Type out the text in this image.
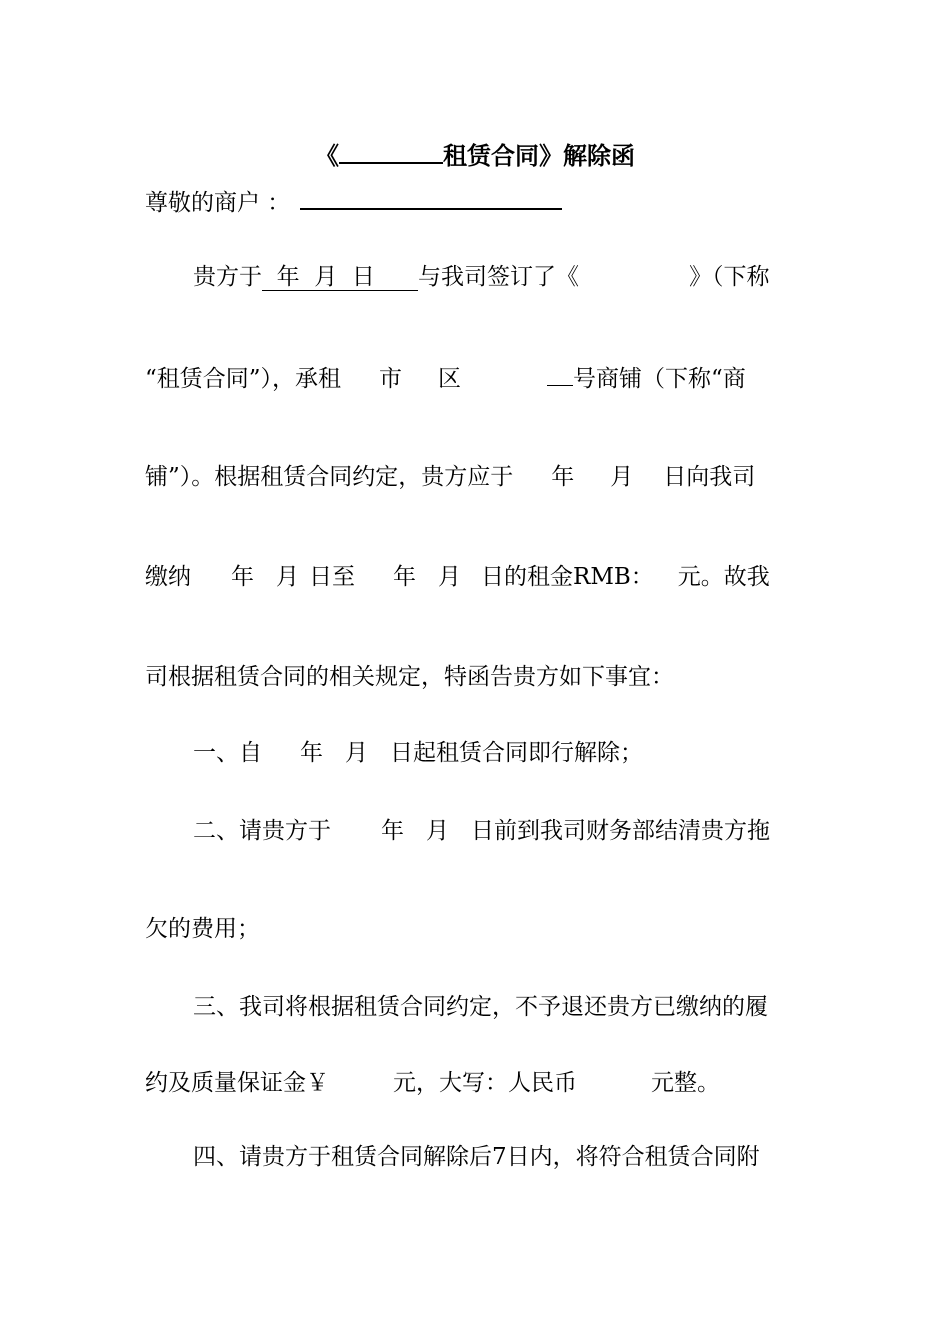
《	租赁合同》解除函
尊敬的商户 ：
贵方于  年  月  日 与我司签订了《	》（下称
“租赁合同”），承租 市 区	号商铺（下称“商
铺”）。根据租赁合同约定，贵方应于 年 月 日向我司
缴纳 年 月 日至 年 月 日的租金RMB： 元。故我
司根据租赁合同的相关规定，特函告贵方如下事宜：
一、自 年 月 日起租赁合同即行解除；
二、请贵方于 年 月 日前到我司财务部结清贵方拖
欠的费用；
三、我司将根据租赁合同约定，不予退还贵方已缴纳的履
约及质量保证金￥	元，大写：人民币	元整。
四、请贵方于租赁合同解除后7日内，将符合租赁合同附
